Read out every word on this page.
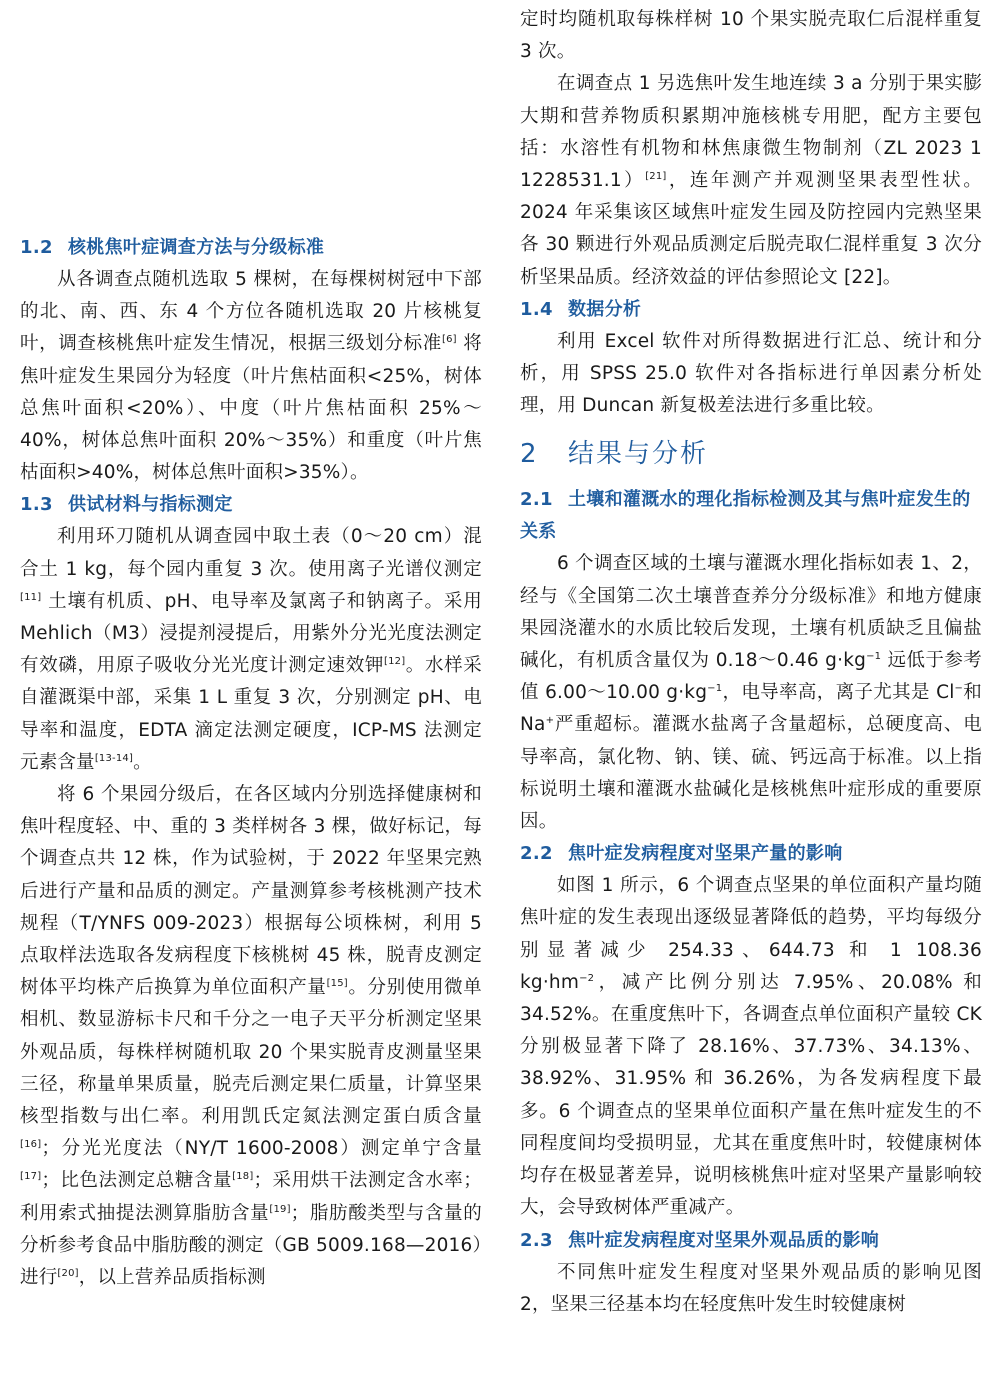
1.2 核桃焦叶症调查方法与分级标准

从各调查点随机选取 5 棵树，在每棵树树冠中下部的北、南、西、东 4 个方位各随机选取 20 片核桃复叶，调查核桃焦叶症发生情况，根据三级划分标准[6] 将焦叶症发生果园分为轻度（叶片焦枯面积<25%，树体总焦叶面积<20%）、中度（叶片焦枯面积 25%～40%，树体总焦叶面积 20%～35%）和重度（叶片焦枯面积>40%，树体总焦叶面积>35%）。

1.3 供试材料与指标测定

利用环刀随机从调查园中取土表（0～20 cm）混合土 1 kg，每个园内重复 3 次。使用离子光谱仪测定[11] 土壤有机质、pH、电导率及氯离子和钠离子。采用 Mehlich（M3）浸提剂浸提后，用紫外分光光度法测定有效磷，用原子吸收分光光度计测定速效钾[12]。水样采自灌溉渠中部，采集 1 L 重复 3 次，分别测定 pH、电导率和温度，EDTA 滴定法测定硬度，ICP-MS 法测定元素含量[13-14]。

将 6 个果园分级后，在各区域内分别选择健康树和焦叶程度轻、中、重的 3 类样树各 3 棵，做好标记，每个调查点共 12 株，作为试验树，于 2022 年坚果完熟后进行产量和品质的测定。产量测算参考核桃测产技术规程（T/YNFS 009-2023）根据每公顷株树，利用 5 点取样法选取各发病程度下核桃树 45 株，脱青皮测定树体平均株产后换算为单位面积产量[15]。分别使用微单相机、数显游标卡尺和千分之一电子天平分析测定坚果外观品质，每株样树随机取 20 个果实脱青皮测量坚果三径，称量单果质量，脱壳后测定果仁质量，计算坚果核型指数与出仁率。利用凯氏定氮法测定蛋白质含量[16]；分光光度法（NY/T 1600-2008）测定单宁含量[17]；比色法测定总糖含量[18]；采用烘干法测定含水率；利用索式抽提法测算脂肪含量[19]；脂肪酸类型与含量的分析参考食品中脂肪酸的测定（GB 5009.168—2016）进行[20]，以上营养品质指标测

定时均随机取每株样树 10 个果实脱壳取仁后混样重复 3 次。

在调查点 1 另选焦叶发生地连续 3 a 分别于果实膨大期和营养物质积累期冲施核桃专用肥，配方主要包括：水溶性有机物和林焦康微生物制剂（ZL 2023 1 1228531.1）[21]，连年测产并观测坚果表型性状。2024 年采集该区域焦叶症发生园及防控园内完熟坚果各 30 颗进行外观品质测定后脱壳取仁混样重复 3 次分析坚果品质。经济效益的评估参照论文 [22]。

1.4 数据分析

利用 Excel 软件对所得数据进行汇总、统计和分析，用 SPSS 25.0 软件对各指标进行单因素分析处理，用 Duncan 新复极差法进行多重比较。

2 结果与分析
2.1 土壤和灌溉水的理化指标检测及其与焦叶症发生的关系

6 个调查区域的土壤与灌溉水理化指标如表 1、2，经与《全国第二次土壤普查养分分级标准》和地方健康果园浇灌水的水质比较后发现，土壤有机质缺乏且偏盐碱化，有机质含量仅为 0.18～0.46 $g\cdot kg^{-1}$ 远低于参考值 6.00～10.00 $g\cdot kg^{-1}$，电导率高，离子尤其是 Cl−和 Na+严重超标。灌溉水盐离子含量超标，总硬度高、电导率高，氯化物、钠、镁、硫、钙远高于标准。以上指标说明土壤和灌溉水盐碱化是核桃焦叶症形成的重要原因。

2.2 焦叶症发病程度对坚果产量的影响

如图 1 所示，6 个调查点坚果的单位面积产量均随焦叶症的发生表现出逐级显著降低的趋势，平均每级分别显著减少 254.33、644.73 和 1 108.36 $kg\cdot hm^{-2}$，减产比例分别达 7.95%、20.08% 和 34.52%。在重度焦叶下，各调查点单位面积产量较 CK 分别极显著下降了 28.16%、37.73%、34.13%、38.92%、31.95% 和 36.26%，为各发病程度下最多。6 个调查点的坚果单位面积产量在焦叶症发生的不同程度间均受损明显，尤其在重度焦叶时，较健康树体均存在极显著差异，说明核桃焦叶症对坚果产量影响较大，会导致树体严重减产。

2.3 焦叶症发病程度对坚果外观品质的影响

不同焦叶症发生程度对坚果外观品质的影响见图 2，坚果三径基本均在轻度焦叶发生时较健康树
